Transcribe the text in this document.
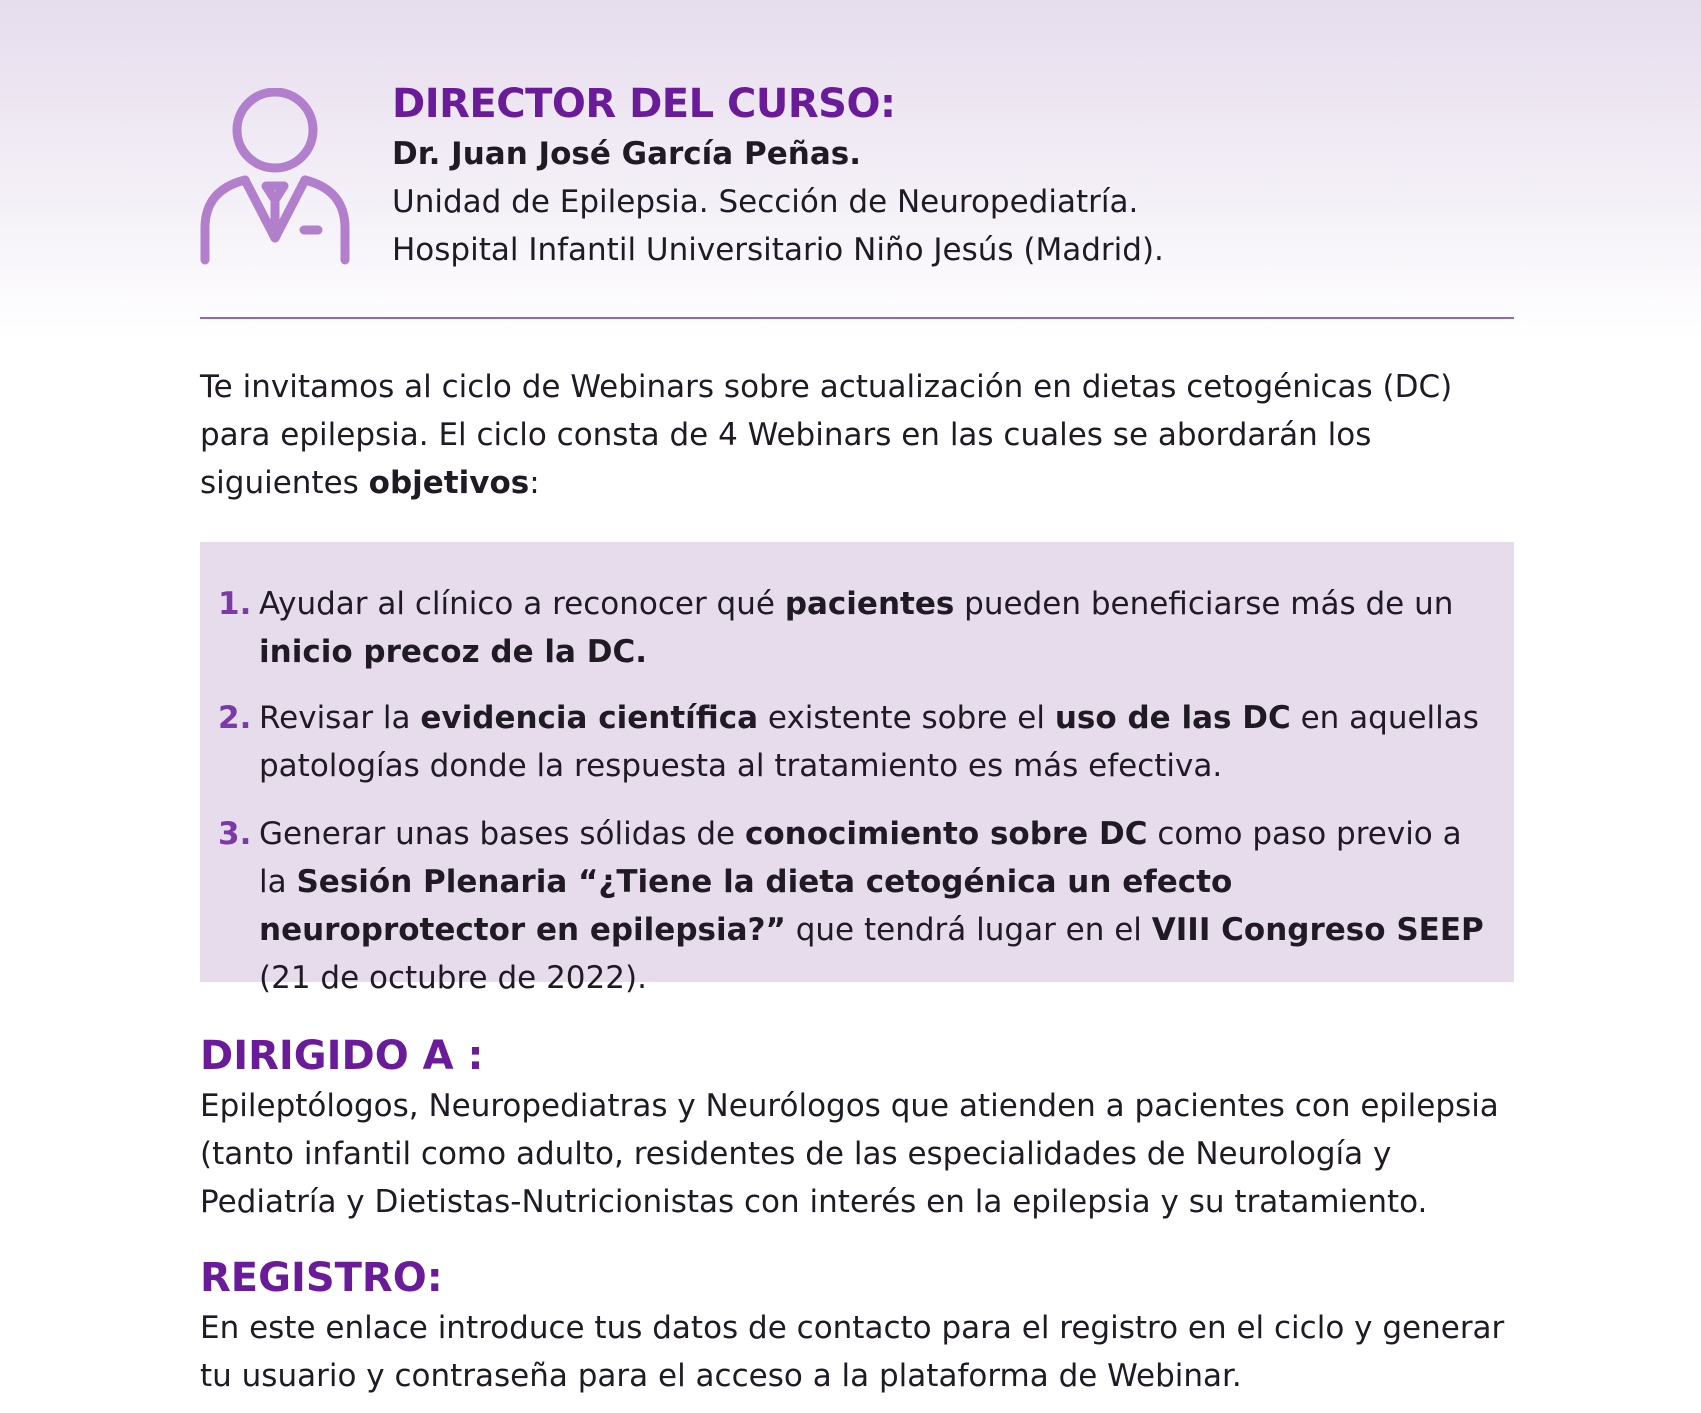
DIRECTOR DEL CURSO:
Dr. Juan José García Peñas.
Unidad de Epilepsia. Sección de Neuropediatría.
Hospital Infantil Universitario Niño Jesús (Madrid).

Te invitamos al ciclo de Webinars sobre actualización en dietas cetogénicas (DC) para epilepsia. El ciclo consta de 4 Webinars en las cuales se abordarán los siguientes objetivos:

1. Ayudar al clínico a reconocer qué pacientes pueden beneficiarse más de un inicio precoz de la DC.
2. Revisar la evidencia científica existente sobre el uso de las DC en aquellas patologías donde la respuesta al tratamiento es más efectiva.
3. Generar unas bases sólidas de conocimiento sobre DC como paso previo a la Sesión Plenaria “¿Tiene la dieta cetogénica un efecto neuroprotector en epilepsia?” que tendrá lugar en el VIII Congreso SEEP (21 de octubre de 2022).
DIRIGIDO A :
Epileptólogos, Neuropediatras y Neurólogos que atienden a pacientes con epilepsia (tanto infantil como adulto, residentes de las especialidades de Neurología y Pediatría y Dietistas-Nutricionistas con interés en la epilepsia y su tratamiento.
REGISTRO:
En este enlace introduce tus datos de contacto para el registro en el ciclo y generar tu usuario y contraseña para el acceso a la plataforma de Webinar.
